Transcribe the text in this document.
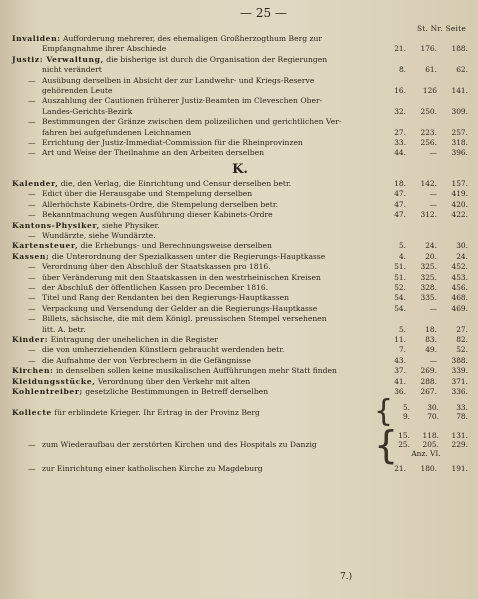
— 25 —
St. Nr. Seite
Invaliden: Aufforderung mehrerer, des ehemaligen Großherzogthum Berg zur
Empfangnahme ihrer Abschiede	21.	176.	188.
Justiz: Verwaltung, die bisherige ist durch die Organisation der Regierungen
nicht verändert	8.	61.	62.
— Ausübung derselben in Absicht der zur Landwehr- und Kriegs-Reserve
gehörenden Leute	16.	126	141.
— Auszahlung der Cautionen früherer Justiz-Beamten im Cleveschen Ober-
Landes-Gerichts-Bezirk	32.	250.	309.
— Bestimmungen der Gränze zwischen dem polizeilichen und gerichtlichen Ver-
fahren bei aufgefundenen Leichnamen	27.	223.	257.
— Errichtung der Justiz-Immediat-Commission für die Rheinprovinzen	33.	256.	318.
— Art und Weise der Theilnahme an den Arbeiten derselben	44.	—	396.
K.
Kalender, die, den Verlag, die Einrichtung und Censur derselben betr.	18.	142.	157.
— Edict über die Herausgabe und Stempelung derselben	47.	—	419.
— Allerhöchste Kabinets-Ordre, die Stempelung derselben betr.	47.	—	420.
— Bekanntmachung wegen Ausführung dieser Kabinets-Ordre	47.	312.	422.
Kantons-Physiker, siehe Physiker.
— Wundärzte, siehe Wundärzte.
Kartensteuer, die Erhebungs- und Berechnungsweise derselben	5.	24.	30.
Kassen; die Unterordnung der Spezialkassen unter die Regierungs-Hauptkasse	4.	20.	24.
— Verordnung über den Abschluß der Staatskassen pro 1816.	51.	325.	452.
— über Veränderung mit den Staatskassen in den westrheinischen Kreisen	51.	325.	453.
— der Abschluß der öffentlichen Kassen pro December 1816.	52.	328.	456.
— Titel und Rang der Rendanten bei den Regierungs-Hauptkassen	54.	335.	468.
— Verpackung und Versendung der Gelder an die Regierungs-Hauptkasse	54.	—	469.
— Billets, sächsische, die mit dem Königl. preussischen Stempel versehenen
litt. A. betr.	5.	18.	27.
Kinder: Eintragung der unehelichen in die Register	11.	83.	82.
— die von umherziehenden Künstlern gebraucht werdenden betr.	7.	49.	52.
— die Aufnahme der von Verbrechern in die Gefängnisse	43.	—	388.
Kirchen: in denselben sollen keine musikalischen Aufführungen mehr Statt finden	37.	269.	339.
Kleidungsstücke, Verordnung über den Verkehr mit alten	41.	288.	371.
Kohlentreiber; gesetzliche Bestimmungen in Betreff derselben	36.	267.	336.
Kollecte für erblindete Krieger. Ihr Ertrag in der Provinz Berg	{	5.	30.	33.
9.	70.	78.
— zum Wiederaufbau der zerstörten Kirchen und des Hospitals zu Danzig	{ 15.	118.	131.
25.	205.	229.
Anz. VI.
— zur Einrichtung einer katholischen Kirche zu Magdeburg	21.	180.	191.
7.)
